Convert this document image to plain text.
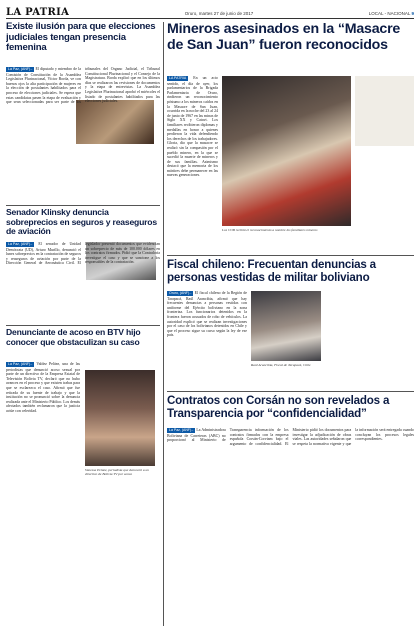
LA PATRIA	Oruro, martes 27 de junio de 2017	LOCAL - NACIONAL 9
Existe ilusión para que elecciones judiciales tengan presencia femenina
La Paz, (ANF).- El diputado y miembro de la Comisión de Constitución de la Asamblea Legislativa Plurinacional, Víctor Borda, ve con buenos ojos la alta participación de mujeres en la elección de postulantes habilitados para el proceso de elecciones judiciales. Se espera que estas candidatas pasen la etapa de evaluación y que sean seleccionadas para ser parte de los tribunales del Órgano Judicial, el Tribunal Constitucional Plurinacional y el Consejo de la Magistratura. Borda explicó que en los últimos días se realizaron las revisiones de documentos y la etapa de entrevistas. La Asamblea Legislativa Plurinacional aprobó el miércoles el listado de postulantes habilitados para las elecciones judiciales.
Senador Klinsky denuncia sobreprecios en seguros y reaseguros de aviación
La Paz, (ANF).- El senador de Unidad Demócrata (UD), Arturo Murillo, denunció el lunes sobreprecios en la contratación de seguros y reaseguros de aviación por parte de la Dirección General de Aeronáutica Civil. El legislador presentó documentos que evidencian un sobreprecio de más de 100.000 dólares en los contratos firmados. Pidió que la Contraloría investigue el caso y que se sancione a los responsables de la contratación.
Denunciante de acoso en BTV hijo conocer que obstaculizan su caso
Vanessa Peláez, periodista que denunció a un directivo de Bolivia TV por acoso
La Paz, (ANF).- Valdez Peláez, una de las periodistas que denunció acoso sexual por parte de un directivo de la Empresa Estatal de Televisión Bolivia TV, declaró que no hubo avances en el proceso y que existen trabas para que se esclarezca el caso. Afirmó que fue retirada de su fuente de trabajo y que la institución no se pronunció sobre la denuncia realizada ante el Ministerio Público. Los demás afectados también reclamaron que la justicia actúe con celeridad.
Mineros asesinados en la “Masacre de San Juan” fueron reconocidos
Los COB recibió el reconocimiento a nombre los familiares mineros
LA PATRIA En un acto sentido, el día de ayer, los parlamentarios de la Brigada Parlamentaria de Oruro, rindieron un reconocimiento póstumo a los mineros caídos en la Masacre de San Juan, ocurrida en la noche del 23 al 24 de junio de 1967 en las minas de Siglo XX y Catavi. Los familiares recibieron diplomas y medallas en honor a quienes perdieron la vida defendiendo los derechos de los trabajadores. Gloria, dio que la masacre se realizó sin la compasión por el pueblo minero, en la que se sucedió la muerte de mineros y de sus familias. Asimismo destacó que la memoria de los mártires debe permanecer en las nuevas generaciones.
Fiscal chileno: Frecuentan denuncias a personas vestidas de militar boliviano
Raúl Arancibia, Fiscal de Tarapacá, Chile
Oruro, (ANF).- El fiscal chileno de la Región de Tarapacá, Raúl Arancibia, afirmó que hay frecuentes denuncias a personas vestidas con uniforme del Ejército boliviano en la zona fronteriza. Los funcionarios detenidos en la frontera fueron acusados de robo de vehículos. La autoridad explicó que se realizan investigaciones por el caso de los bolivianos detenidos en Chile y que el proceso sigue su curso según la ley de ese país.
Contratos con Corsán no son revelados a Transparencia por “confidencialidad”
La Paz, (ANF).- La Administradora Boliviana de Carreteras (ABC) no proporcionó al Ministerio de Transparencia información de los contratos firmados con la empresa española Corsán-Corviam bajo el argumento de confidencialidad. El Ministerio pidió los documentos para investigar la adjudicación de obras viales. Las autoridades señalaron que se respeta la normativa vigente y que la información será entregada cuando concluyan los procesos legales correspondientes.
